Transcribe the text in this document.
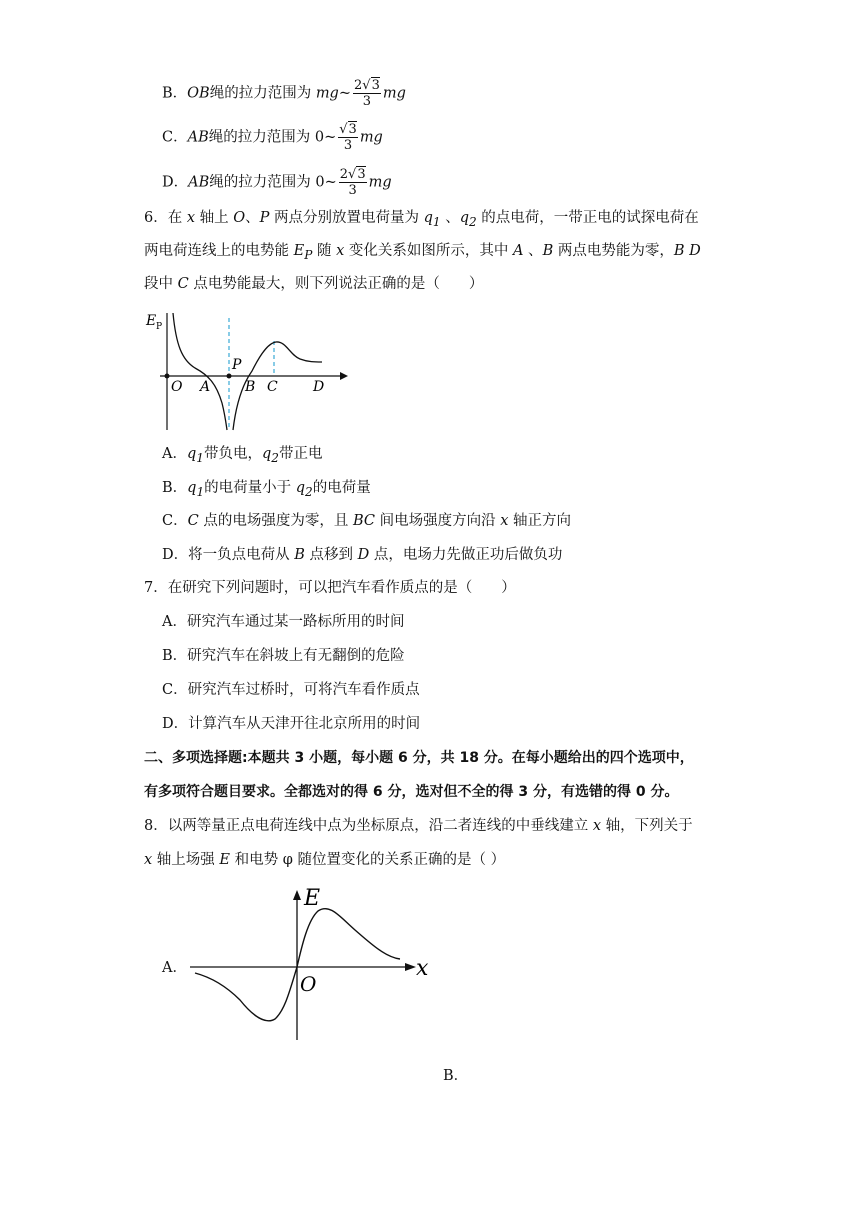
B．OB绳的拉力范围为 mg~ $\frac{2√3}{3}$ mg
C．AB绳的拉力范围为 0~ $\frac{√3}{3}$ mg
D．AB绳的拉力范围为 0~ $\frac{2√3}{3}$ mg
6．在 x 轴上 O、P 两点分别放置电荷量为 $q_1$ 、$q_2$ 的点电荷，一带正电的试探电荷在
两电荷连线上的电势能 $E_P$ 随 x 变化关系如图所示，其中 A 、B 两点电势能为零，B D
段中 C 点电势能最大，则下列说法正确的是（　　）
E P
O A
P
B C	D
A．$q_1$带负电，$q_2$带正电
B．$q_1$的电荷量小于 $q_2$的电荷量
C．C 点的电场强度为零，且 BC 间电场强度方向沿 x 轴正方向
D．将一负点电荷从 B 点移到 D 点，电场力先做正功后做负功
7．在研究下列问题时，可以把汽车看作质点的是（　　）
A．研究汽车通过某一路标所用的时间
B．研究汽车在斜坡上有无翻倒的危险
C．研究汽车过桥时，可将汽车看作质点
D．计算汽车从天津开往北京所用的时间
二、多项选择题:本题共 3 小题，每小题 6 分，共 18 分。在每小题给出的四个选项中，
有多项符合题目要求。全都选对的得 6 分，选对但不全的得 3 分，有选错的得 0 分。
8．以两等量正点电荷连线中点为坐标原点，沿二者连线的中垂线建立 x 轴，下列关于
x 轴上场强 E 和电势 φ 随位置变化的关系正确的是（ ）
A．
E
x
O
B．
